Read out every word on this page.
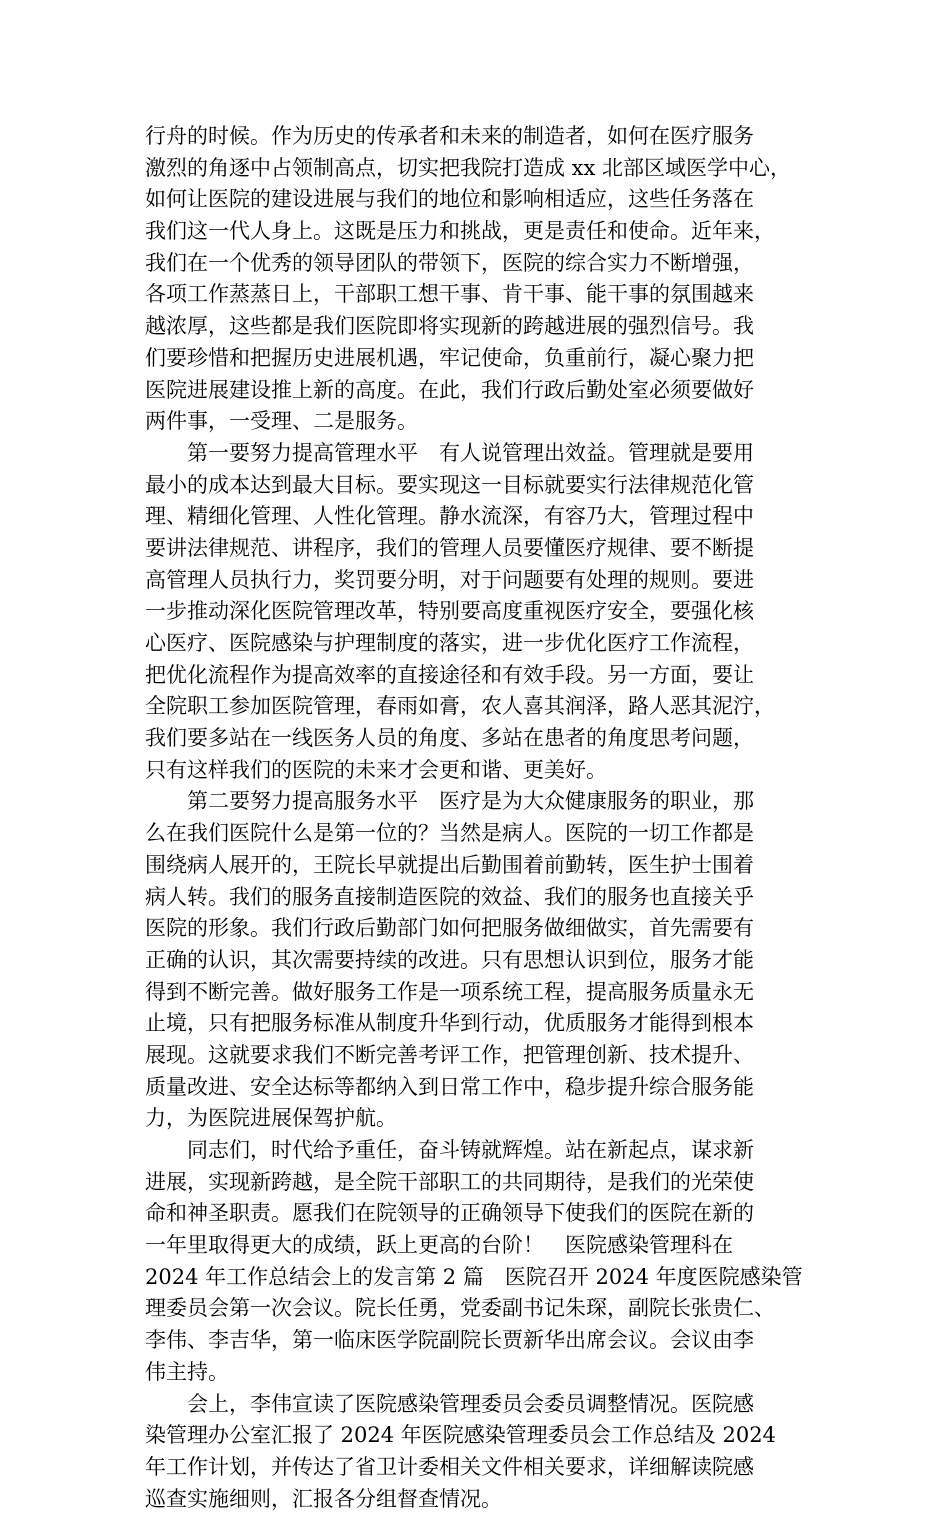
行舟的时候。作为历史的传承者和未来的制造者，如何在医疗服务
激烈的角逐中占领制高点，切实把我院打造成 xx 北部区域医学中心，
如何让医院的建设进展与我们的地位和影响相适应，这些任务落在
我们这一代人身上。这既是压力和挑战，更是责任和使命。近年来，
我们在一个优秀的领导团队的带领下，医院的综合实力不断增强，
各项工作蒸蒸日上，干部职工想干事、肯干事、能干事的氛围越来
越浓厚，这些都是我们医院即将实现新的跨越进展的强烈信号。我
们要珍惜和把握历史进展机遇，牢记使命，负重前行，凝心聚力把
医院进展建设推上新的高度。在此，我们行政后勤处室必须要做好
两件事，一受理、二是服务。
　　第一要努力提高管理水平　有人说管理出效益。管理就是要用
最小的成本达到最大目标。要实现这一目标就要实行法律规范化管
理、精细化管理、人性化管理。静水流深，有容乃大，管理过程中
要讲法律规范、讲程序，我们的管理人员要懂医疗规律、要不断提
高管理人员执行力，奖罚要分明，对于问题要有处理的规则。要进
一步推动深化医院管理改革，特别要高度重视医疗安全，要强化核
心医疗、医院感染与护理制度的落实，进一步优化医疗工作流程，
把优化流程作为提高效率的直接途径和有效手段。另一方面，要让
全院职工参加医院管理，春雨如膏，农人喜其润泽，路人恶其泥泞，
我们要多站在一线医务人员的角度、多站在患者的角度思考问题，
只有这样我们的医院的未来才会更和谐、更美好。
　　第二要努力提高服务水平　医疗是为大众健康服务的职业，那
么在我们医院什么是第一位的？当然是病人。医院的一切工作都是
围绕病人展开的，王院长早就提出后勤围着前勤转，医生护士围着
病人转。我们的服务直接制造医院的效益、我们的服务也直接关乎
医院的形象。我们行政后勤部门如何把服务做细做实，首先需要有
正确的认识，其次需要持续的改进。只有思想认识到位，服务才能
得到不断完善。做好服务工作是一项系统工程，提高服务质量永无
止境，只有把服务标准从制度升华到行动，优质服务才能得到根本
展现。这就要求我们不断完善考评工作，把管理创新、技术提升、
质量改进、安全达标等都纳入到日常工作中，稳步提升综合服务能
力，为医院进展保驾护航。
　　同志们，时代给予重任，奋斗铸就辉煌。站在新起点，谋求新
进展，实现新跨越，是全院干部职工的共同期待，是我们的光荣使
命和神圣职责。愿我们在院领导的正确领导下使我们的医院在新的
一年里取得更大的成绩，跃上更高的台阶！　医院感染管理科在
2024 年工作总结会上的发言第 2 篇　医院召开 2024 年度医院感染管
理委员会第一次会议。院长任勇，党委副书记朱琛，副院长张贵仁、
李伟、李吉华，第一临床医学院副院长贾新华出席会议。会议由李
伟主持。
　　会上，李伟宣读了医院感染管理委员会委员调整情况。医院感
染管理办公室汇报了 2024 年医院感染管理委员会工作总结及 2024
年工作计划，并传达了省卫计委相关文件相关要求，详细解读院感
巡查实施细则，汇报各分组督查情况。
